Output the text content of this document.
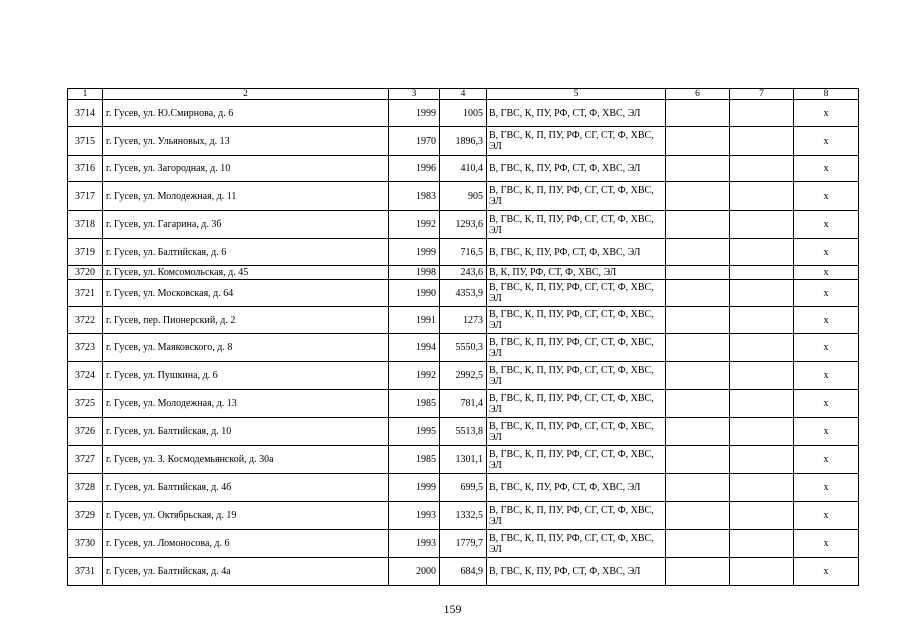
1	2	3	4	5	6	7	8
3714	г. Гусев, ул. Ю.Смирнова, д. 6	1999	1005	В, ГВС, К, ПУ, РФ, СТ, Ф, ХВС, ЭЛ			х
3715	г. Гусев, ул. Ульяновых, д. 13	1970	1896,3	В, ГВС, К, П, ПУ, РФ, СГ, СТ, Ф, ХВС, ЭЛ			х
3716	г. Гусев, ул. Загородная, д. 10	1996	410,4	В, ГВС, К, ПУ, РФ, СТ, Ф, ХВС, ЭЛ			х
3717	г. Гусев, ул. Молодежная, д. 11	1983	905	В, ГВС, К, П, ПУ, РФ, СГ, СТ, Ф, ХВС, ЭЛ			х
3718	г. Гусев, ул. Гагарина, д. 3б	1992	1293,6	В, ГВС, К, П, ПУ, РФ, СГ, СТ, Ф, ХВС, ЭЛ			х
3719	г. Гусев, ул. Балтийская, д. 6	1999	716,5	В, ГВС, К, ПУ, РФ, СТ, Ф, ХВС, ЭЛ			х
3720	г. Гусев, ул. Комсомольская, д. 45	1998	243,6	В, К, ПУ, РФ, СТ, Ф, ХВС, ЭЛ			х
3721	г. Гусев, ул. Московская, д. 64	1990	4353,9	В, ГВС, К, П, ПУ, РФ, СГ, СТ, Ф, ХВС, ЭЛ			х
3722	г. Гусев, пер. Пионерский, д. 2	1991	1273	В, ГВС, К, П, ПУ, РФ, СГ, СТ, Ф, ХВС, ЭЛ			х
3723	г. Гусев, ул. Маяковского, д. 8	1994	5550,3	В, ГВС, К, П, ПУ, РФ, СГ, СТ, Ф, ХВС, ЭЛ			х
3724	г. Гусев, ул. Пушкина, д. 6	1992	2992,5	В, ГВС, К, П, ПУ, РФ, СГ, СТ, Ф, ХВС, ЭЛ			х
3725	г. Гусев, ул. Молодежная, д. 13	1985	781,4	В, ГВС, К, П, ПУ, РФ, СГ, СТ, Ф, ХВС, ЭЛ			х
3726	г. Гусев, ул. Балтийская, д. 10	1995	5513,8	В, ГВС, К, П, ПУ, РФ, СГ, СТ, Ф, ХВС, ЭЛ			х
3727	г. Гусев, ул. З. Космодемьянской, д. 30а	1985	1301,1	В, ГВС, К, П, ПУ, РФ, СГ, СТ, Ф, ХВС, ЭЛ			х
3728	г. Гусев, ул. Балтийская, д. 4б	1999	699,5	В, ГВС, К, ПУ, РФ, СТ, Ф, ХВС, ЭЛ			х
3729	г. Гусев, ул. Октябрьская, д. 19	1993	1332,5	В, ГВС, К, П, ПУ, РФ, СГ, СТ, Ф, ХВС, ЭЛ			х
3730	г. Гусев, ул. Ломоносова, д. 6	1993	1779,7	В, ГВС, К, П, ПУ, РФ, СГ, СТ, Ф, ХВС, ЭЛ			х
3731	г. Гусев, ул. Балтийская, д. 4а	2000	684,9	В, ГВС, К, ПУ, РФ, СТ, Ф, ХВС, ЭЛ			х
159
